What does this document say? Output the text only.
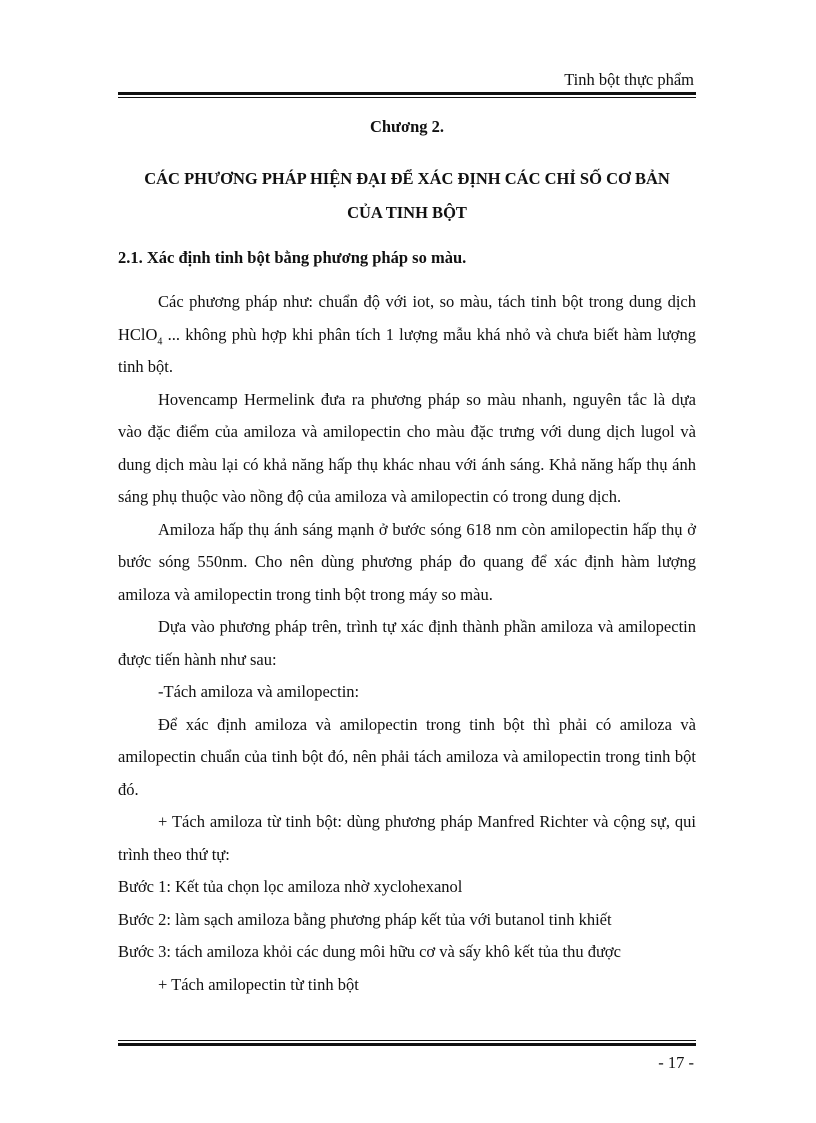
Tinh bột thực phẩm
Chương 2.
CÁC PHƯƠNG PHÁP HIỆN ĐẠI ĐỂ XÁC ĐỊNH CÁC CHỈ SỐ CƠ BẢN
CỦA TINH BỘT
2.1. Xác định tinh bột bằng phương pháp so màu.

Các phương pháp như: chuẩn độ với iot, so màu, tách tinh bột trong dung dịch HClO$_4$ ... không phù hợp khi phân tích 1 lượng mẫu khá nhỏ và chưa biết hàm lượng tinh bột.

Hovencamp Hermelink đưa ra phương pháp so màu nhanh, nguyên tắc là dựa vào đặc điểm của amiloza và amilopectin cho màu đặc trưng với dung dịch lugol và dung dịch màu lại có khả năng hấp thụ khác nhau với ánh sáng. Khả năng hấp thụ ánh sáng phụ thuộc vào nồng độ của amiloza và amilopectin có trong dung dịch.

Amiloza hấp thụ ánh sáng mạnh ở bước sóng 618 nm còn amilopectin hấp thụ ở bước sóng 550nm. Cho nên dùng phương pháp đo quang để xác định hàm lượng amiloza và amilopectin trong tinh bột trong máy so màu.

Dựa vào phương pháp trên, trình tự xác định thành phần amiloza và amilopectin được tiến hành như sau:

-Tách amiloza và amilopectin:

Để xác định amiloza và amilopectin trong tinh bột thì phải có amiloza và amilopectin chuẩn của tinh bột đó, nên phải tách amiloza và amilopectin trong tinh bột đó.

+ Tách amiloza từ tinh bột: dùng phương pháp Manfred Richter và cộng sự, qui trình theo thứ tự:

Bước 1: Kết tủa chọn lọc amiloza nhờ xyclohexanol

Bước 2: làm sạch amiloza bằng phương pháp kết tủa với butanol tinh khiết

Bước 3: tách amiloza khỏi các dung môi hữu cơ và sấy khô kết tủa thu được

+ Tách amilopectin từ tinh bột

- 17 -
